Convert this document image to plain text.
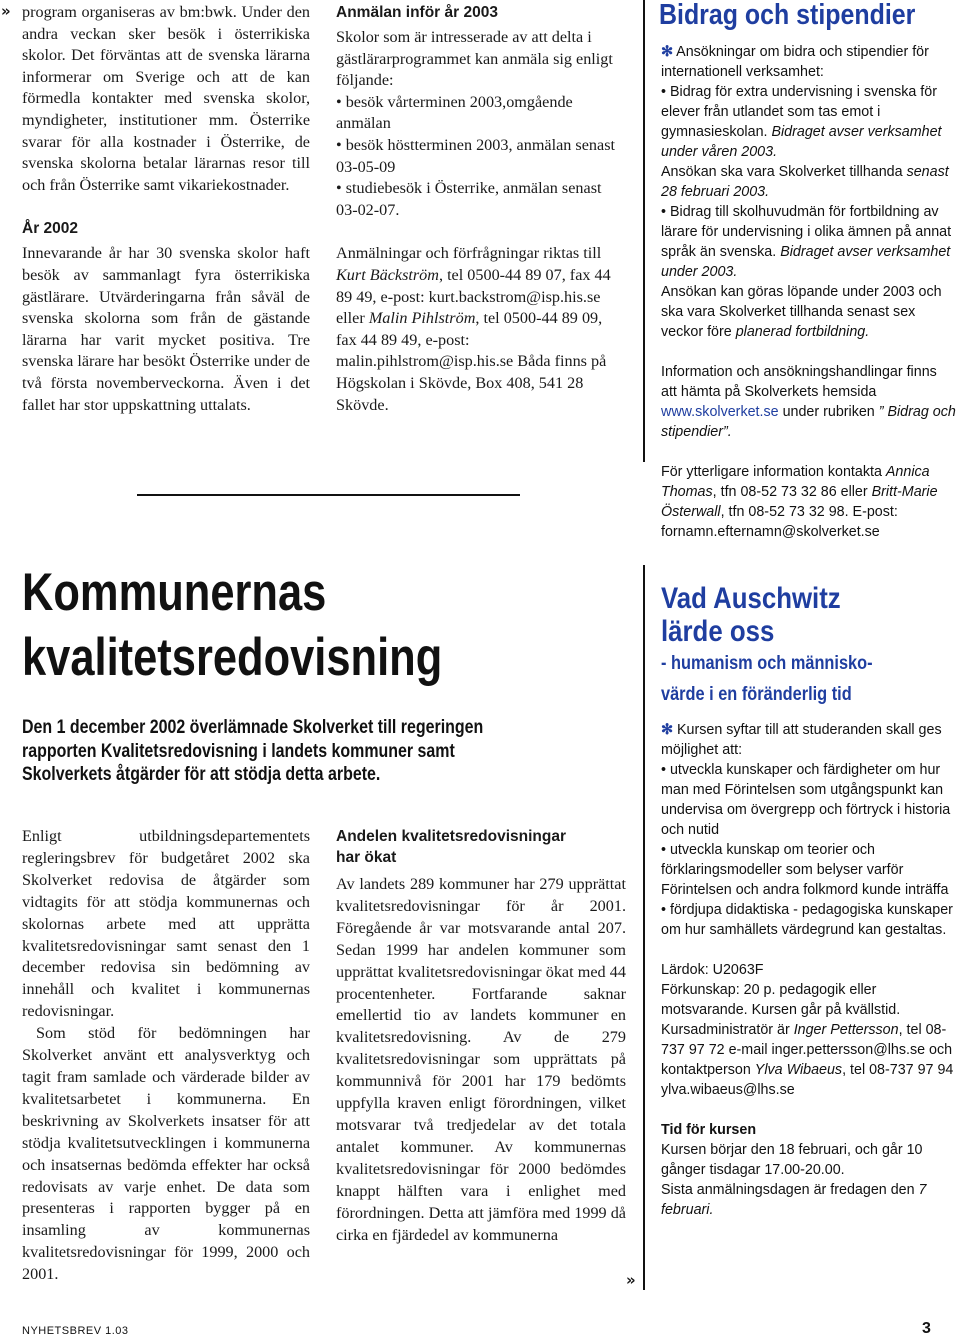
» program organiseras av bm:bwk. Under den andra veckan sker besök i österrikiska skolor. Det förväntas att de svenska lärarna informerar om Sverige och att de kan förmedla kontakter med svenska skolor, myndigheter, institutioner mm. Österrike svarar för alla kostnader i Österrike, de svenska skolorna betalar lärarnas resor till och från Österrike samt vikariekostnader.

År 2002

Innevarande år har 30 svenska skolor haft besök av sammanlagt fyra österrikiska gästlärare. Utvärderingarna från såväl de svenska skolorna som från de gästande lärarna har varit mycket positiva. Tre svenska lärare har besökt Österrike under de två första novemberveckorna. Även i det fallet har stor uppskattning uttalats.

Anmälan inför år 2003

Skolor som är intresserade av att delta i gästlärarprogrammet kan anmäla sig enligt följande:

• besök vårterminen 2003,omgående anmälan
• besök höstterminen 2003, anmälan senast 03-05-09
• studiebesök i Österrike, anmälan senast 03-02-07.

Anmälningar och förfrågningar riktas till Kurt Bäckström, tel 0500-44 89 07, fax 44 89 49, e-post: kurt.backstrom@isp.his.se eller Malin Pihlström, tel 0500-44 89 09, fax 44 89 49, e-post: malin.pihlstrom@isp.his.se Båda finns på Högskolan i Skövde, Box 408, 541 28 Skövde.

Bidrag och stipendier

✻ Ansökningar om bidra och stipendier för internationell verksamhet:

• Bidrag för extra undervisning i svenska för elever från utlandet som tas emot i gymnasieskolan. Bidraget avser verksamhet under våren 2003.

Ansökan ska vara Skolverket tillhanda senast 28 februari 2003.

• Bidrag till skolhuvudmän för fortbildning av lärare för undervisning i olika ämnen på annat språk än svenska. Bidraget avser verksamhet under 2003.

Ansökan kan göras löpande under 2003 och ska vara Skolverket tillhanda senast sex veckor före planerad fortbildning.

Information och ansökningshandlingar finns att hämta på Skolverkets hemsida www.skolverket.se under rubriken ” Bidrag och stipendier”.

För ytterligare information kontakta Annica Thomas, tfn 08-52 73 32 86 eller Britt-Marie Österwall, tfn 08-52 73 32 98. E-post: fornamn.efternamn@skolverket.se

Kommunernas
kvalitetsredovisning
Den 1 december 2002 överlämnade Skolverket till regeringen rapporten Kvalitetsredovisning i landets kommuner samt Skolverkets åtgärder för att stödja detta arbete.

Enligt utbildningsdepartementets regleringsbrev för budgetåret 2002 ska Skolverket redovisa de åtgärder som vidtagits för att stödja kommunernas och skolornas arbete med att upprätta kvalitetsredovisningar samt senast den 1 december redovisa sin bedömning av innehåll och kvalitet i kommunernas redovisningar.

Som stöd för bedömningen har Skolverket använt ett analysverktyg och tagit fram samlade och värderade bilder av kvalitetsarbetet i kommunerna. En beskrivning av Skolverkets insatser för att stödja kvalitetsutvecklingen i kommunerna och insatsernas bedömda effekter har också redovisats av varje enhet. De data som presenteras i rapporten bygger på en insamling av kommunernas kvalitetsredovisningar för 1999, 2000 och 2001.

Andelen kvalitetsredovisningar
har ökat

Av landets 289 kommuner har 279 upprättat kvalitetsredovisningar för år 2001. Föregående år var motsvarande antal 207. Sedan 1999 har andelen kommuner som upprättat kvalitetsredovisningar ökat med 44 procentenheter. Fortfarande saknar emellertid tio av landets kommuner en kvalitetsredovisning. Av de 279 kvalitetsredovisningar som upprättats på kommunnivå för 2001 har 179 bedömts uppfylla kraven enligt förordningen, vilket motsvarar två tredjedelar av det totala antalet kommuner. Av kommunernas kvalitetsredovisningar för 2000 bedömdes knappt hälften vara i enlighet med förordningen. Detta att jämföra med 1999 då cirka en fjärdedel av kommunerna

»
Vad Auschwitz
lärde oss
- humanism och människo-
värde i en föränderlig tid

✻ Kursen syftar till att studeranden skall ges möjlighet att:

• utveckla kunskaper och färdigheter om hur man med Förintelsen som utgångspunkt kan undervisa om övergrepp och förtryck i historia och nutid

• utveckla kunskap om teorier och förklaringsmodeller som belyser varför Förintelsen och andra folkmord kunde inträffa

• fördjupa didaktiska - pedagogiska kunskaper om hur samhällets värdegrund kan gestaltas.

Lärdok: U2063F

Förkunskap: 20 p. pedagogik eller motsvarande. Kursen går på kvällstid.

Kursadministratör är Inger Pettersson, tel 08-737 97 72 e-mail inger.pettersson@lhs.se och kontaktperson Ylva Wibaeus, tel 08-737 97 94 ylva.wibaeus@lhs.se

Tid för kursen

Kursen börjar den 18 februari, och går 10 gånger tisdagar 17.00-20.00.

Sista anmälningsdagen är fredagen den 7 februari.

NYHETSBREV 1.03	3
